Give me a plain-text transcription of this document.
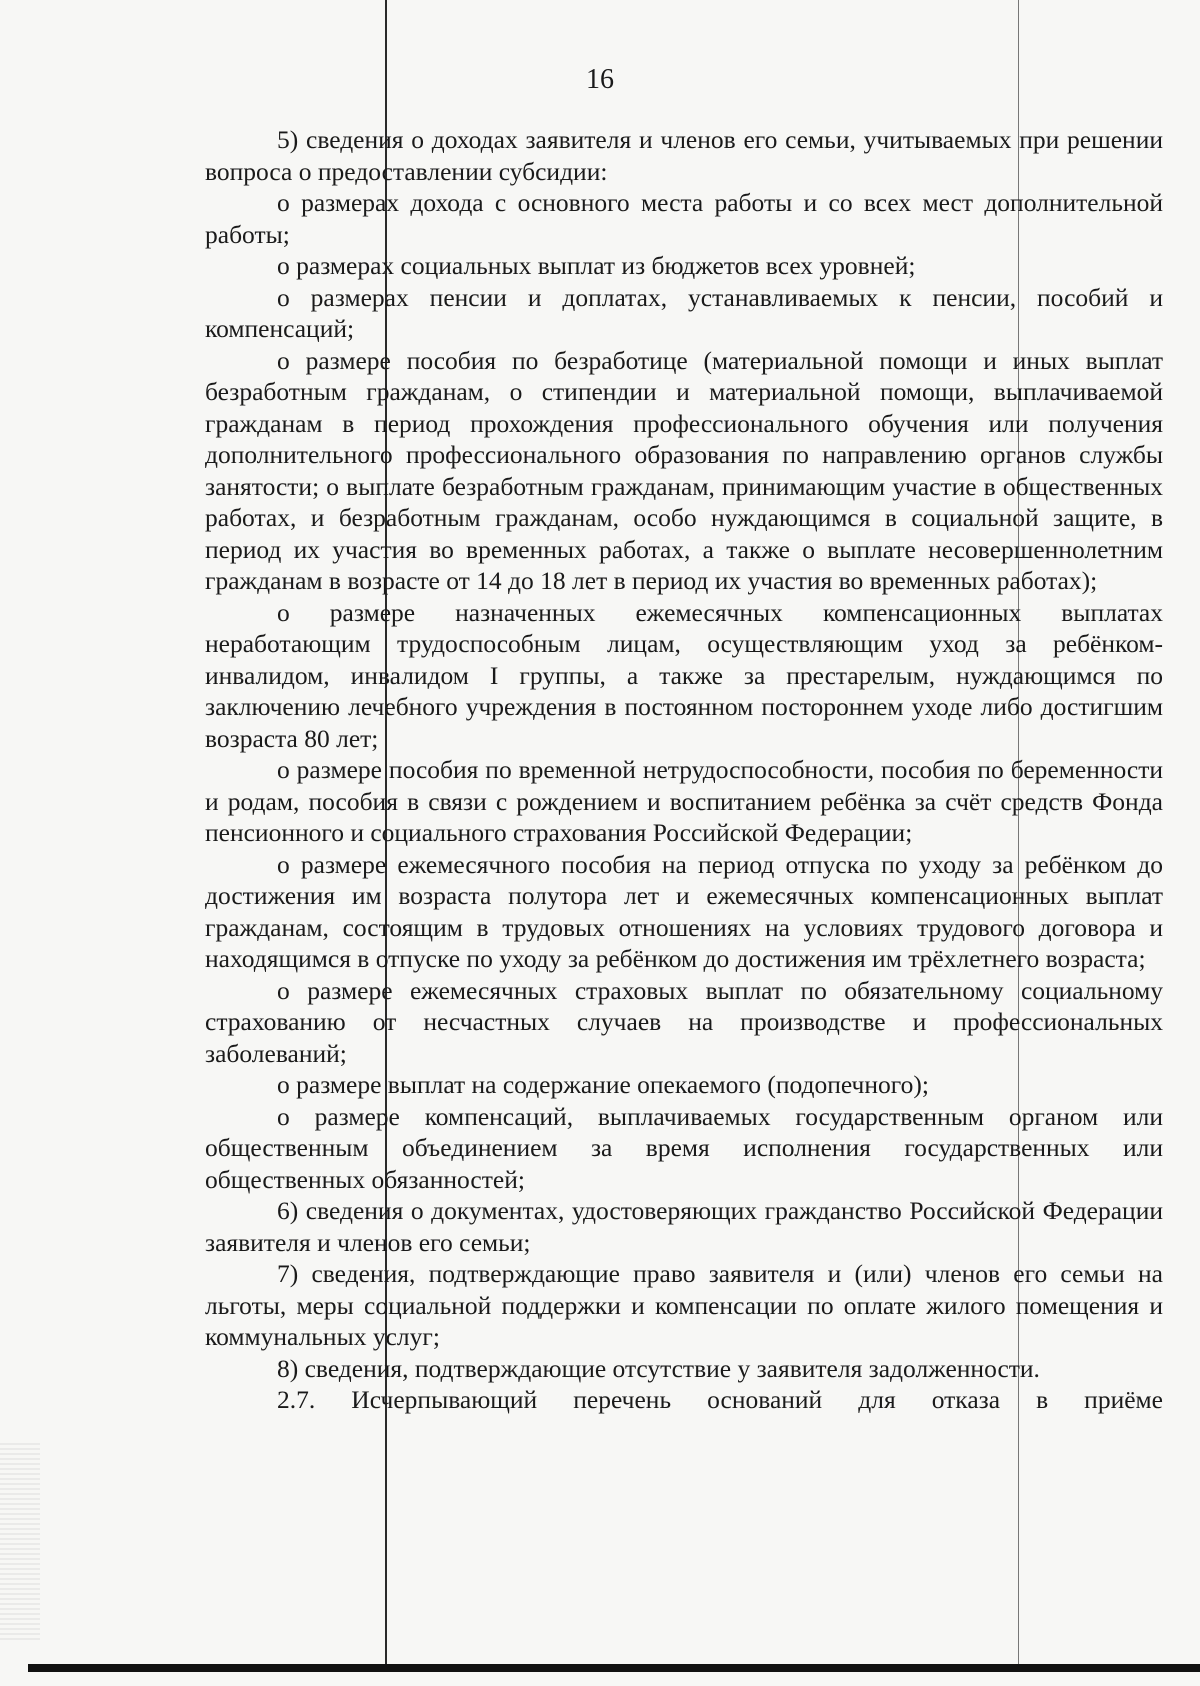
16

5) сведения о доходах заявителя и членов его семьи, учитываемых при решении вопроса о предоставлении субсидии:

о размерах дохода с основного места работы и со всех мест дополнительной работы;

о размерах социальных выплат из бюджетов всех уровней;

о размерах пенсии и доплатах, устанавливаемых к пенсии, пособий и компенсаций;

о размере пособия по безработице (материальной помощи и иных выплат безработным гражданам, о стипендии и материальной помощи, выплачиваемой гражданам в период прохождения профессионального обучения или получения дополнительного профессионального образования по направлению органов службы занятости; о выплате безработным гражданам, принимающим участие в общественных работах, и безработным гражданам, особо нуждающимся в социальной защите, в период их участия во временных работах, а также о выплате несовершеннолетним гражданам в возрасте от 14 до 18 лет в период их участия во временных работах);

о размере назначенных ежемесячных компенсационных выплатах неработающим трудоспособным лицам, осуществляющим уход за ребёнком-инвалидом, инвалидом I группы, а также за престарелым, нуждающимся по заключению лечебного учреждения в постоянном постороннем уходе либо достигшим возраста 80 лет;

о размере пособия по временной нетрудоспособности, пособия по беременности и родам, пособия в связи с рождением и воспитанием ребёнка за счёт средств Фонда пенсионного и социального страхования Российской Федерации;

о размере ежемесячного пособия на период отпуска по уходу за ребёнком до достижения им возраста полутора лет и ежемесячных компенсационных выплат гражданам, состоящим в трудовых отношениях на условиях трудового договора и находящимся в отпуске по уходу за ребёнком до достижения им трёхлетнего возраста;

о размере ежемесячных страховых выплат по обязательному социальному страхованию от несчастных случаев на производстве и профессиональных заболеваний;

о размере выплат на содержание опекаемого (подопечного);

о размере компенсаций, выплачиваемых государственным органом или общественным объединением за время исполнения государственных или общественных обязанностей;

6) сведения о документах, удостоверяющих гражданство Российской Федерации заявителя и членов его семьи;

7) сведения, подтверждающие право заявителя и (или) членов его семьи на льготы, меры социальной поддержки и компенсации по оплате жилого помещения и коммунальных услуг;

8) сведения, подтверждающие отсутствие у заявителя задолженности.

2.7. Исчерпывающий перечень оснований для отказа в приёме
